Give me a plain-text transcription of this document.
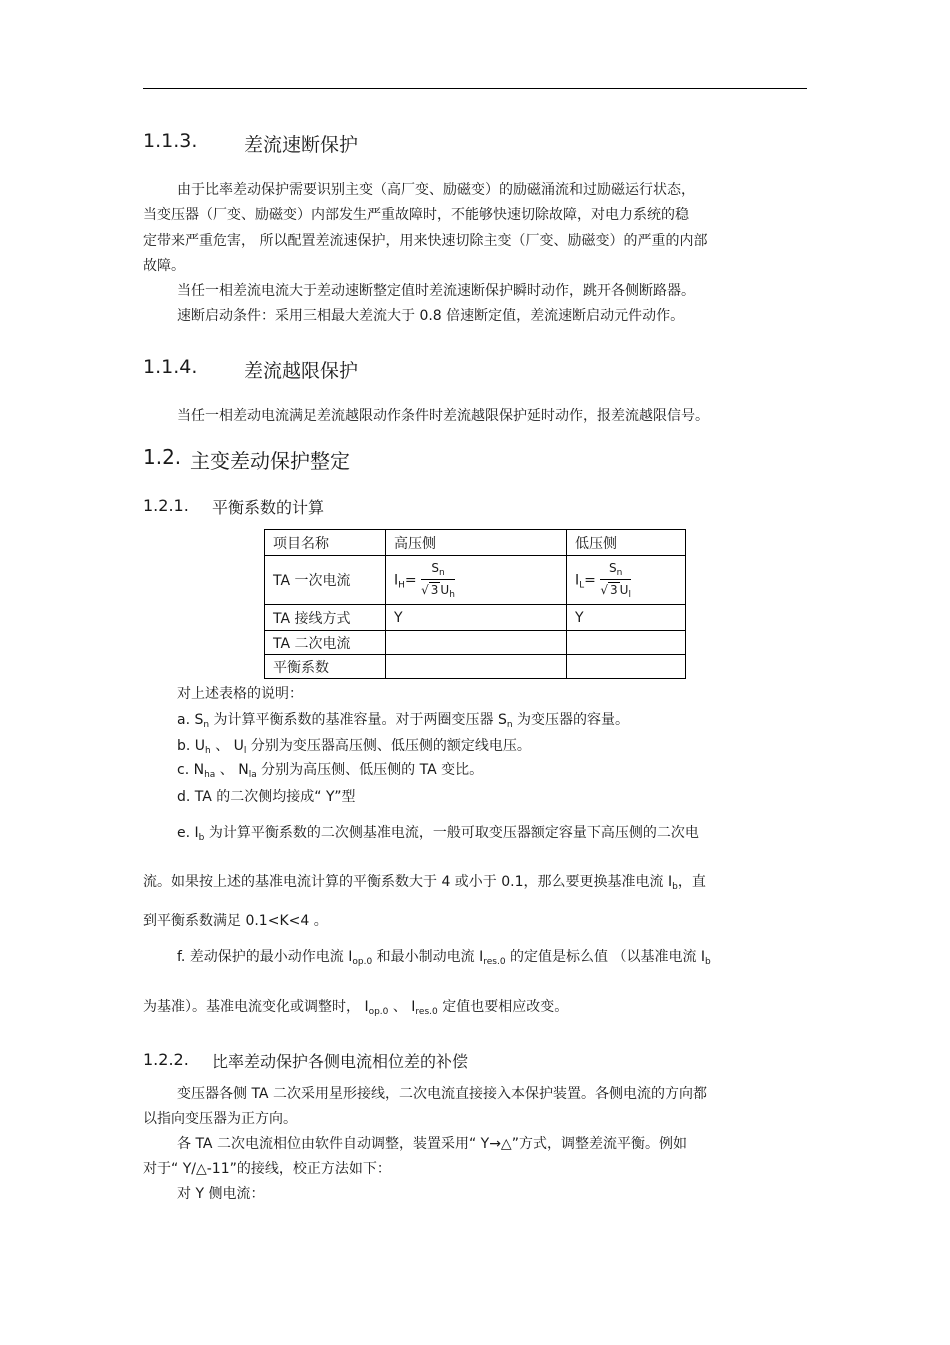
1.1.3. 差流速断保护
由于比率差动保护需要识别主变（高厂变、励磁变）的励磁涌流和过励磁运行状态，
当变压器（厂变、励磁变）内部发生严重故障时，不能够快速切除故障，对电力系统的稳
定带来严重危害， 所以配置差流速保护，用来快速切除主变（厂变、励磁变）的严重的内部
故障。
当任一相差流电流大于差动速断整定值时差流速断保护瞬时动作，跳开各侧断路器。
速断启动条件：采用三相最大差流大于 0.8 倍速断定值，差流速断启动元件动作。
1.1.4. 差流越限保护
当任一相差动电流满足差流越限动作条件时差流越限保护延时动作，报差流越限信号。
1.2. 主变差动保护整定
1.2.1. 平衡系数的计算
项目名称	高压侧	低压侧
TA 一次电流	$I_H= \frac{S_n}{√ 3 U_h}$	$I_L= \frac{S_n}{√ 3 U_l}$

TA 接线方式	Y	Y
TA 二次电流		
平衡系数		
对上述表格的说明：
a. $S_n$ 为计算平衡系数的基准容量。对于两圈变压器 $S_n$ 为变压器的容量。
b. $U_h$ 、 $U_l$ 分别为变压器高压侧、低压侧的额定线电压。
c. $N_{ha}$ 、 $N_{la}$ 分别为高压侧、低压侧的 TA 变比。
d. TA 的二次侧均接成“ Y”型
e. $I_b$ 为计算平衡系数的二次侧基准电流，一般可取变压器额定容量下高压侧的二次电
流。如果按上述的基准电流计算的平衡系数大于 4 或小于 0.1，那么要更换基准电流 $I_b$，直
到平衡系数满足 0.1<K<4 。
f. 差动保护的最小动作电流 $I_{op.0}$ 和最小制动电流 $I_{res.0}$ 的定值是标么值 （以基准电流 $I_b$
为基准）。基准电流变化或调整时， $I_{op.0}$ 、 $I_{res.0}$ 定值也要相应改变。
1.2.2. 比率差动保护各侧电流相位差的补偿
变压器各侧 TA 二次采用星形接线，二次电流直接接入本保护装置。各侧电流的方向都
以指向变压器为正方向。
各 TA 二次电流相位由软件自动调整，装置采用“ Y→△”方式，调整差流平衡。例如
对于“ Y/△-11”的接线，校正方法如下：
对 Y 侧电流：
